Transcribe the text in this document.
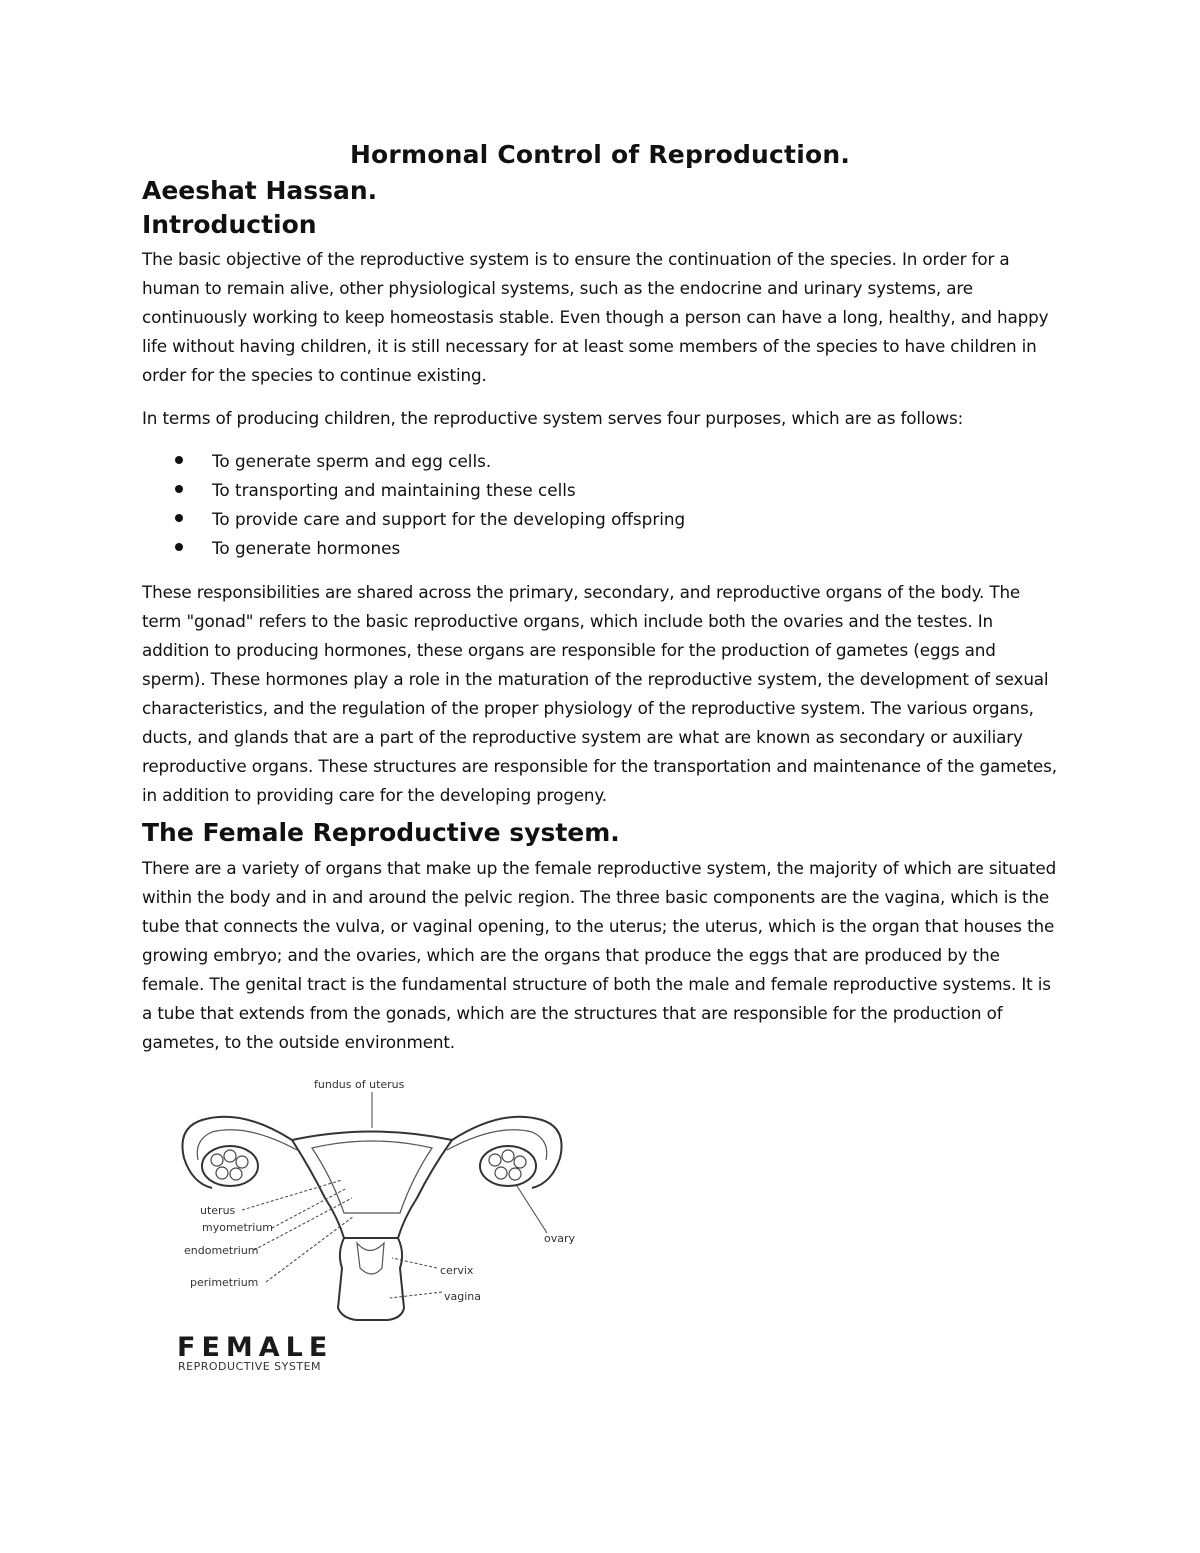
Hormonal Control of Reproduction.
Aeeshat Hassan.
Introduction

The basic objective of the reproductive system is to ensure the continuation of the species. In order for a human to remain alive, other physiological systems, such as the endocrine and urinary systems, are continuously working to keep homeostasis stable. Even though a person can have a long, healthy, and happy life without having children, it is still necessary for at least some members of the species to have children in order for the species to continue existing.

In terms of producing children, the reproductive system serves four purposes, which are as follows:

To generate sperm and egg cells.
To transporting and maintaining these cells
To provide care and support for the developing offspring
To generate hormones

These responsibilities are shared across the primary, secondary, and reproductive organs of the body. The term "gonad" refers to the basic reproductive organs, which include both the ovaries and the testes. In addition to producing hormones, these organs are responsible for the production of gametes (eggs and sperm). These hormones play a role in the maturation of the reproductive system, the development of sexual characteristics, and the regulation of the proper physiology of the reproductive system. The various organs, ducts, and glands that are a part of the reproductive system are what are known as secondary or auxiliary reproductive organs. These structures are responsible for the transportation and maintenance of the gametes, in addition to providing care for the developing progeny.

The Female Reproductive system.

There are a variety of organs that make up the female reproductive system, the majority of which are situated within the body and in and around the pelvic region. The three basic components are the vagina, which is the tube that connects the vulva, or vaginal opening, to the uterus; the uterus, which is the organ that houses the growing embryo; and the ovaries, which are the organs that produce the eggs that are produced by the female. The genital tract is the fundamental structure of both the male and female reproductive systems. It is a tube that extends from the gonads, which are the structures that are responsible for the production of gametes, to the outside environment.

fundus of uterus
uterus
myometrium
endometrium
perimetrium
ovary
cervix
vagina
FEMALE
REPRODUCTIVE SYSTEM
